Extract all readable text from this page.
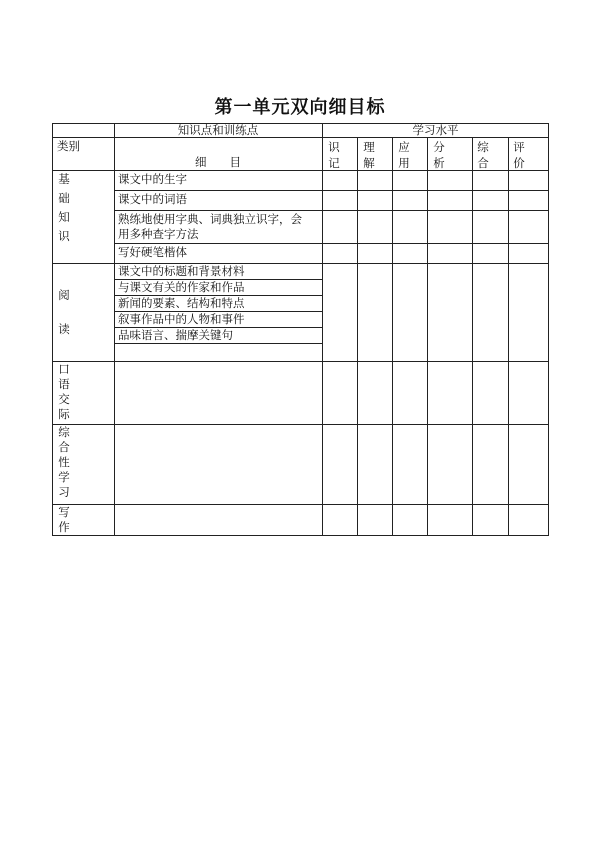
第一单元双向细目标
知识点和训练点	学习水平
类别
细　　目
识记
理解
应用
分析
综合
评价
基础知识
阅读
口语交际
综合性学习
写作
课文中的生字
课文中的词语
熟练地使用字典、词典独立识字，会
用多种查字方法
写好硬笔楷体
课文中的标题和背景材料
与课文有关的作家和作品
新闻的要素、结构和特点
叙事作品中的人物和事件
品味语言、揣摩关键句
